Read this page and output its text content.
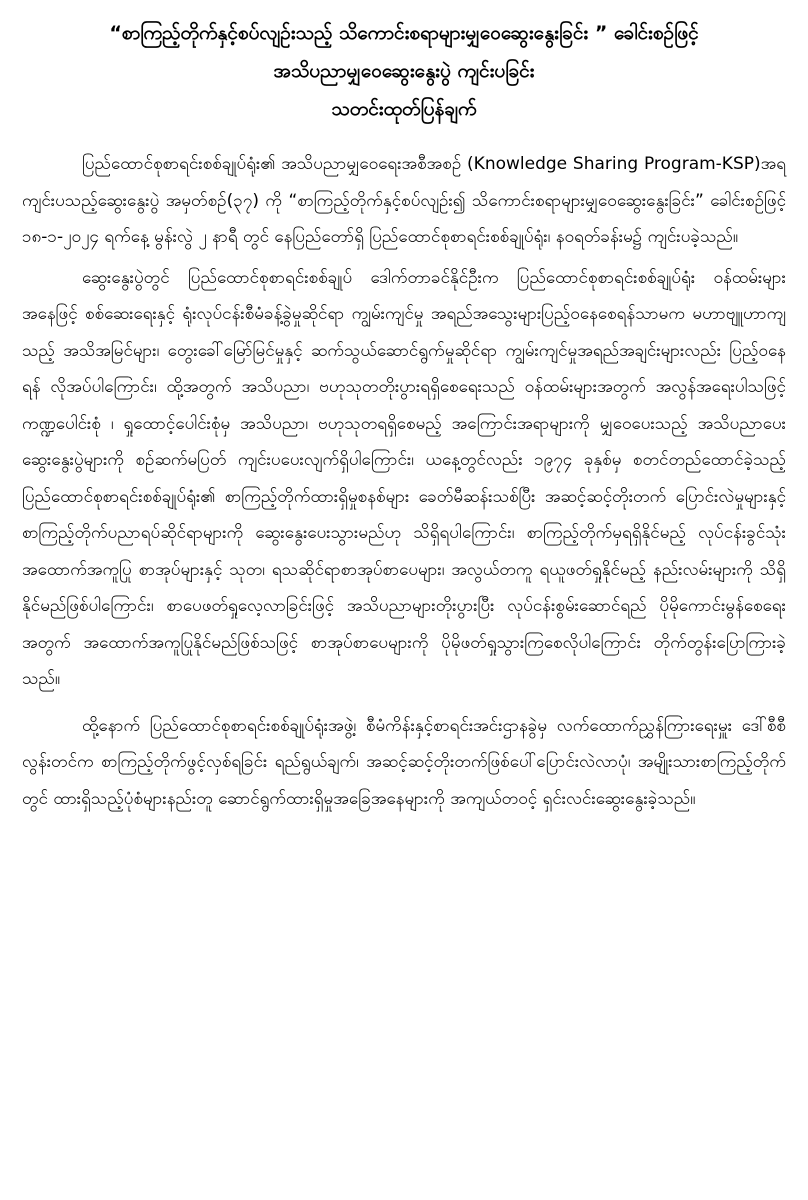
“စာကြည့်တိုက်နှင့်စပ်လျဉ်းသည့် သိကောင်းစရာများမျှဝေဆွေးနွေးခြင်း ” ခေါင်းစဉ်ဖြင့်

အသိပညာမျှဝေဆွေးနွေးပွဲ ကျင်းပခြင်း

သတင်းထုတ်ပြန်ချက်

ပြည်ထောင်စုစာရင်းစစ်ချုပ်ရုံး၏ အသိပညာမျှဝေရေးအစီအစဉ် (Knowledge Sharing Program-KSP)အရ ကျင်းပသည့်ဆွေးနွေးပွဲ အမှတ်စဉ်(၃၇) ကို “စာကြည့်တိုက်နှင့်စပ်လျဉ်း၍ သိကောင်းစရာများမျှဝေဆွေးနွေးခြင်း” ခေါင်းစဉ်ဖြင့် ၁၈-၁-၂၀၂၄ ရက်နေ့ မွန်းလွဲ ၂ နာရီ တွင် နေပြည်တော်ရှိ ပြည်ထောင်စုစာရင်းစစ်ချုပ်ရုံး၊ နဝရတ်ခန်းမ၌ ကျင်းပခဲ့သည်။

ဆွေးနွေးပွဲတွင် ပြည်ထောင်စုစာရင်းစစ်ချုပ် ဒေါက်တာခင်နိုင်ဦးက ပြည်ထောင်စုစာရင်းစစ်ချုပ်ရုံး ဝန်ထမ်းများအနေဖြင့် စစ်ဆေးရေးနှင့် ရုံးလုပ်ငန်းစီမံခန့်ခွဲမှုဆိုင်ရာ ကျွမ်းကျင်မှု အရည်အသွေးများပြည့်ဝနေစေရန်သာမက မဟာဗျူဟာကျသည့် အသိအမြင်များ၊ တွေးခေါ်မြော်မြင်မှုနှင့် ဆက်သွယ်ဆောင်ရွက်မှုဆိုင်ရာ ကျွမ်းကျင်မှုအရည်အချင်းများလည်း ပြည့်ဝနေရန် လိုအပ်ပါကြောင်း၊ ထို့အတွက် အသိပညာ၊ ဗဟုသုတတိုးပွားရရှိစေရေးသည် ဝန်ထမ်းများအတွက် အလွန်အရေးပါသဖြင့် ကဏ္ဍပေါင်းစုံ ၊ ရှုထောင့်ပေါင်းစုံမှ အသိပညာ၊ ဗဟုသုတရရှိစေမည့် အကြောင်းအရာများကို မျှဝေပေးသည့် အသိပညာပေးဆွေးနွေးပွဲများကို စဉ်ဆက်မပြတ် ကျင်းပပေးလျက်ရှိပါကြောင်း၊ ယနေ့တွင်လည်း ၁၉၇၄ ခုနှစ်မှ စတင်တည်ထောင်ခဲ့သည့် ပြည်ထောင်စုစာရင်းစစ်ချုပ်ရုံး၏ စာကြည့်တိုက်ထားရှိမှုစနစ်များ ခေတ်မီဆန်းသစ်ပြီး အဆင့်ဆင့်တိုးတက် ပြောင်းလဲမှုများနှင့် စာကြည့်တိုက်ပညာရပ်ဆိုင်ရာများကို ဆွေးနွေးပေးသွားမည်ဟု သိရှိရပါကြောင်း၊ စာကြည့်တိုက်မှရရှိနိုင်မည့် လုပ်ငန်းခွင်သုံးအထောက်အကူပြု စာအုပ်များနှင့် သုတ၊ ရသဆိုင်ရာစာအုပ်စာပေများ၊ အလွယ်တကူ ရယူဖတ်ရှုနိုင်မည့် နည်းလမ်းများကို သိရှိနိုင်မည်ဖြစ်ပါကြောင်း၊ စာပေဖတ်ရှုလေ့လာခြင်းဖြင့် အသိပညာများတိုးပွားပြီး လုပ်ငန်းစွမ်းဆောင်ရည် ပိုမိုကောင်းမွန်စေရေးအတွက် အထောက်အကူပြုနိုင်မည်ဖြစ်သဖြင့် စာအုပ်စာပေများကို ပိုမိုဖတ်ရှုသွားကြစေလိုပါကြောင်း တိုက်တွန်းပြောကြားခဲ့သည်။

ထို့နောက် ပြည်ထောင်စုစာရင်းစစ်ချုပ်ရုံးအဖွဲ့၊ စီမံကိန်းနှင့်စာရင်းအင်းဌာနခွဲမှ လက်ထောက်ညွှန်ကြားရေးမှူး ဒေါ်စီစီလွန်းတင်က စာကြည့်တိုက်ဖွင့်လှစ်ရခြင်း ရည်ရွယ်ချက်၊ အဆင့်ဆင့်တိုးတက်ဖြစ်ပေါ်ပြောင်းလဲလာပုံ၊ အမျိုးသားစာကြည့်တိုက်တွင် ထားရှိသည့်ပုံစံများနည်းတူ ဆောင်ရွက်ထားရှိမှုအခြေအနေများကို အကျယ်တဝင့် ရှင်းလင်းဆွေးနွေးခဲ့သည်။
